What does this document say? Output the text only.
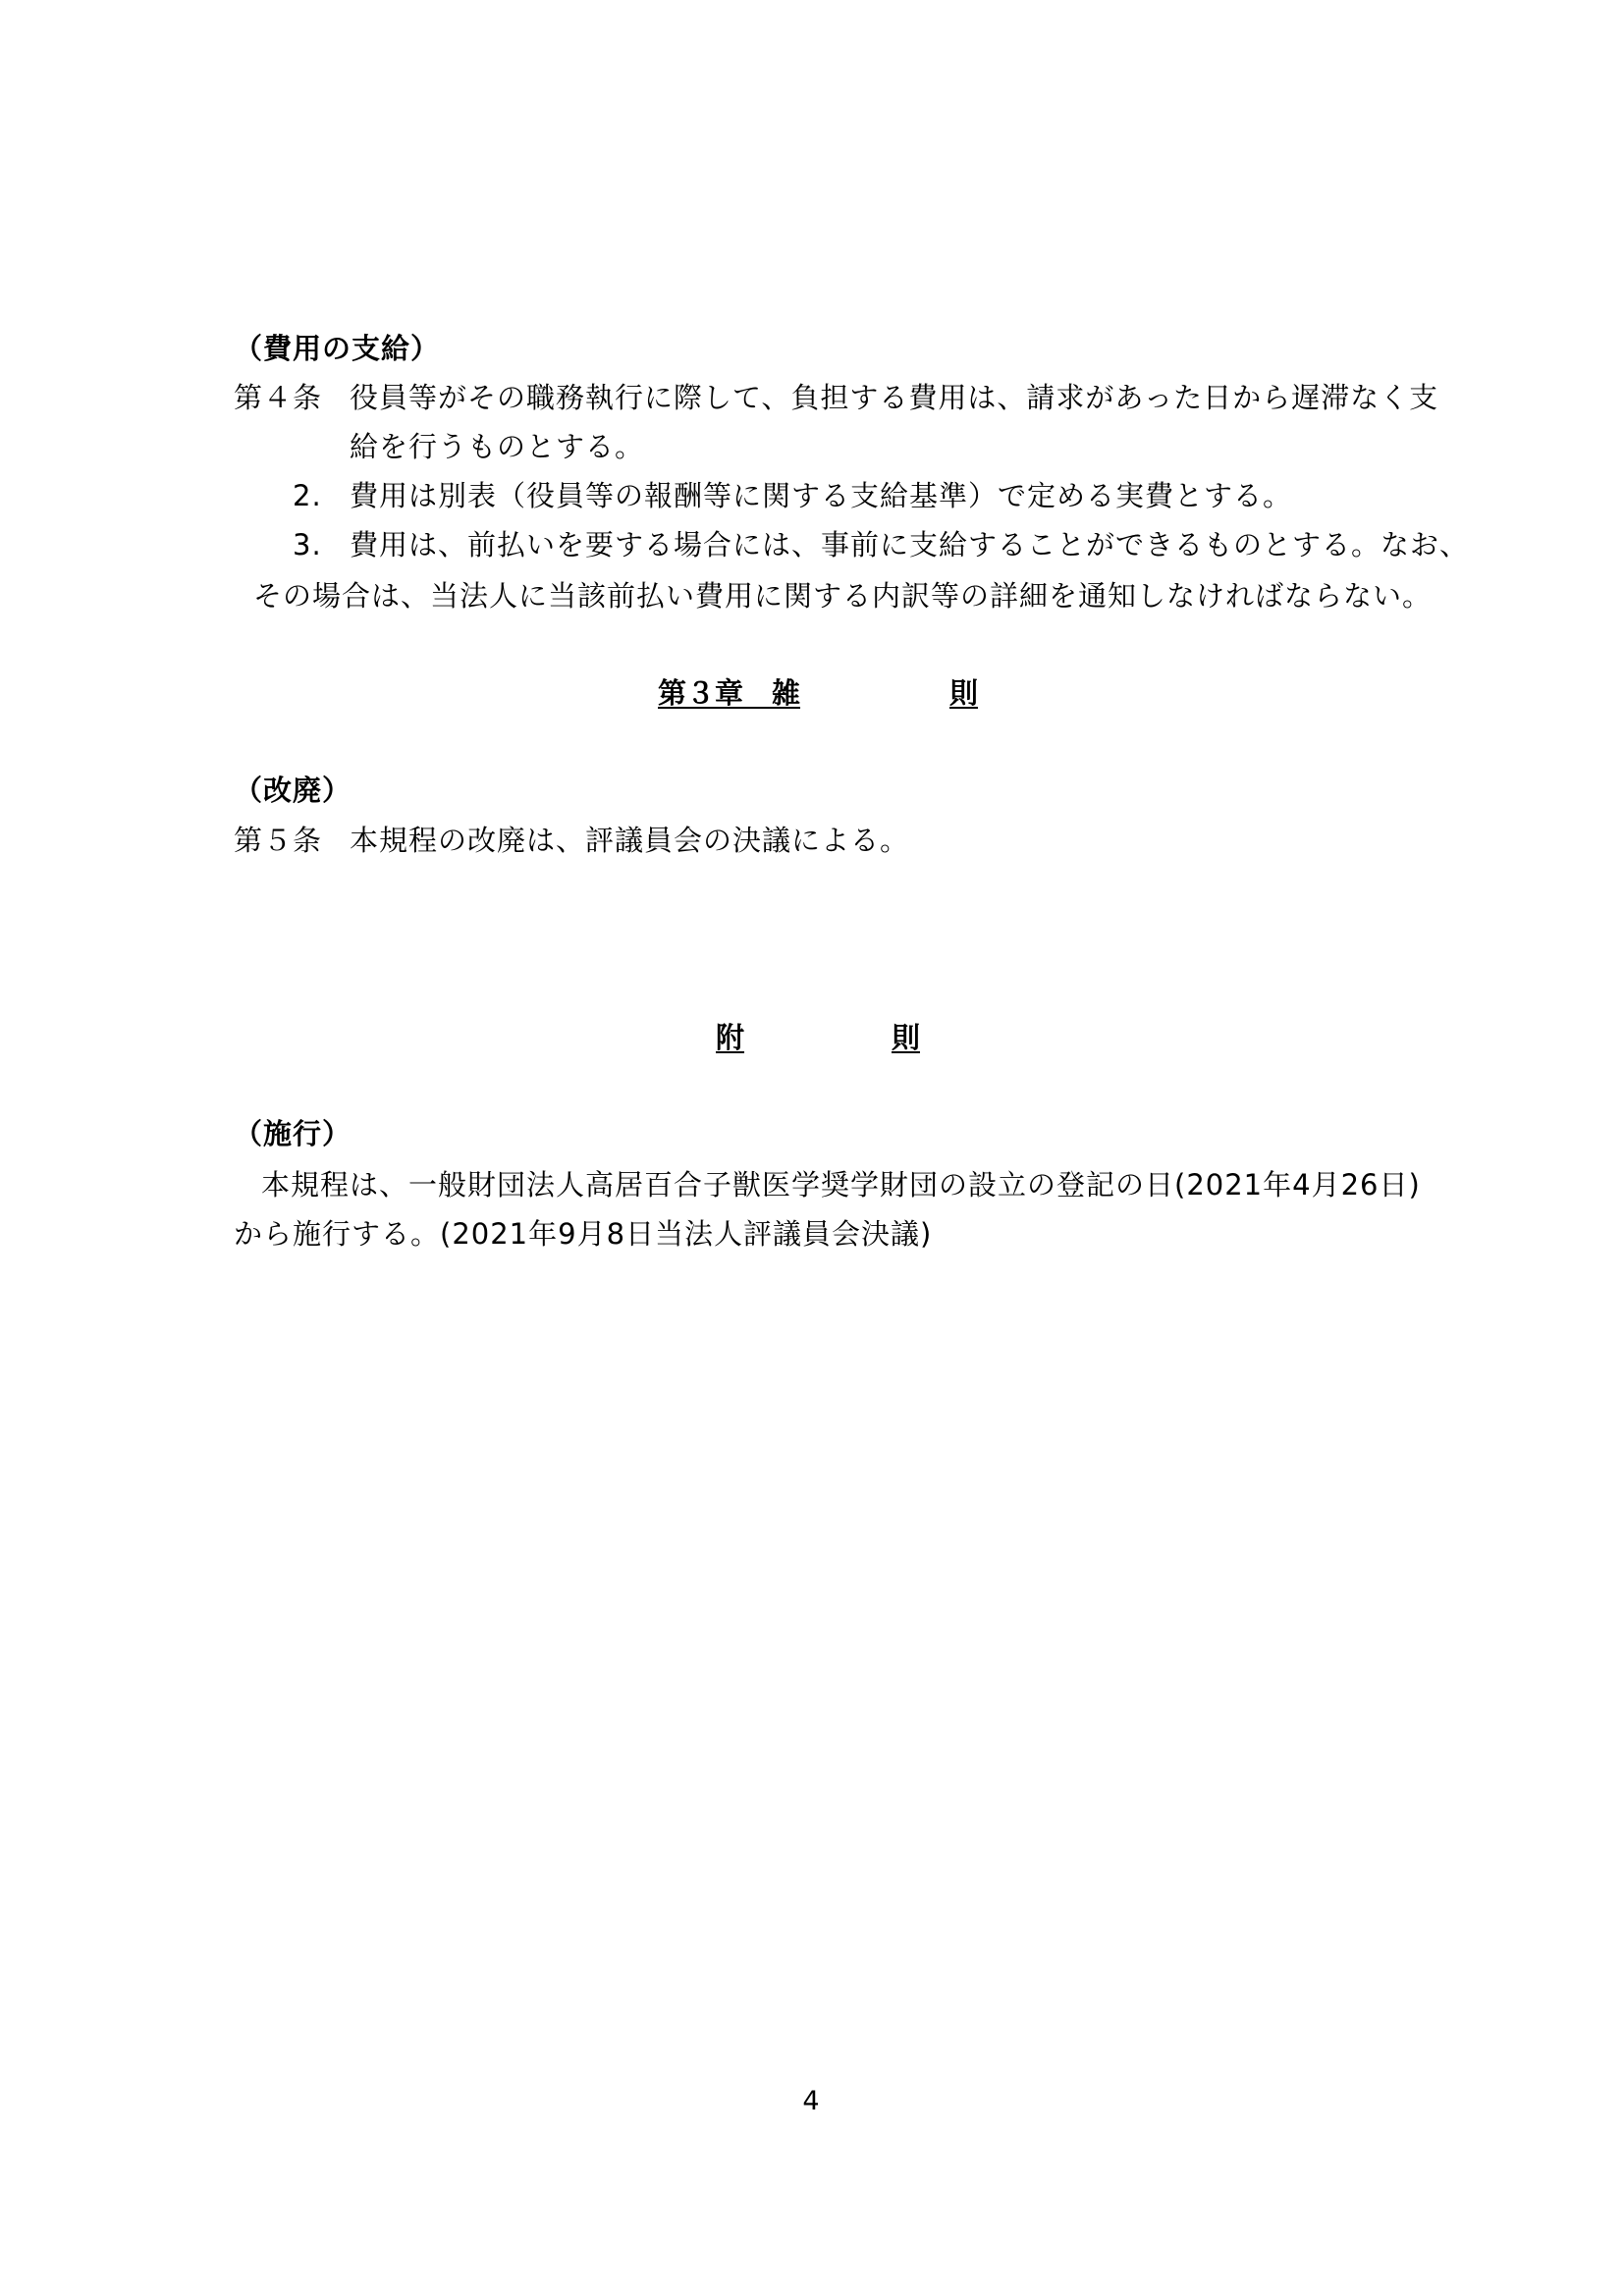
（費用の支給）
第４条 役員等がその職務執行に際して、負担する費用は、請求があった日から遅滞なく支
給を行うものとする。
2. 費用は別表（役員等の報酬等に関する支給基準）で定める実費とする。
3. 費用は、前払いを要する場合には、事前に支給することができるものとする。なお、
その場合は、当法人に当該前払い費用に関する内訳等の詳細を通知しなければならない。
第３章　雑	則
（改廃）
第５条 本規程の改廃は、評議員会の決議による。
附	則
（施行）
本規程は、一般財団法人高居百合子獣医学奨学財団の設立の登記の日(2021年4月26日)
から施行する。(2021年9月8日当法人評議員会決議)
4
